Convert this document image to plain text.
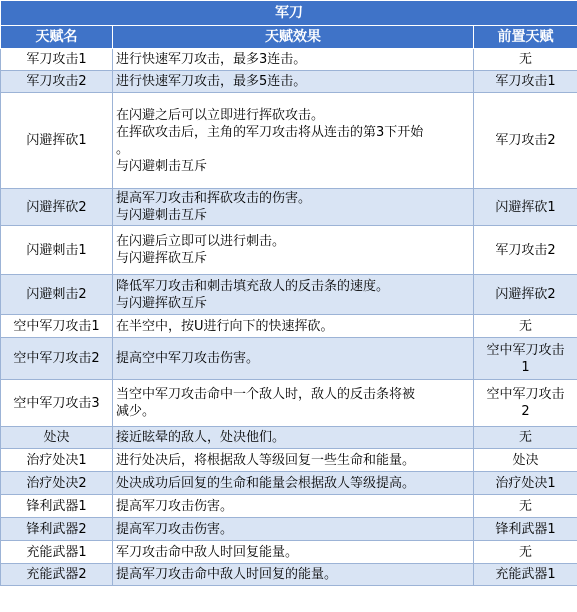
军刀		
天赋名	天赋效果	前置天赋
军刀攻击1	进行快速军刀攻击，最多3连击。	无

军刀攻击2	进行快速军刀攻击，最多5连击。	军刀攻击1

闪避挥砍1	在闪避之后可以立即进行挥砍攻击。
在挥砍攻击后，主角的军刀攻击将从连击的第3下开始
。
与闪避刺击互斥	军刀攻击2

闪避挥砍2	提高军刀攻击和挥砍攻击的伤害。
与闪避刺击互斥	闪避挥砍1

闪避刺击1	在闪避后立即可以进行刺击。
与闪避挥砍互斥	军刀攻击2

闪避刺击2	降低军刀攻击和刺击填充敌人的反击条的速度。
与闪避挥砍互斥	闪避挥砍2

空中军刀攻击1	在半空中，按U进行向下的快速挥砍。	无

空中军刀攻击2	提高空中军刀攻击伤害。	空中军刀攻击
1

空中军刀攻击3	当空中军刀攻击命中一个敌人时，敌人的反击条将被
减少。	空中军刀攻击
2

处决	接近眩晕的敌人，处决他们。	无

治疗处决1	进行处决后，将根据敌人等级回复一些生命和能量。	处决

治疗处决2	处决成功后回复的生命和能量会根据敌人等级提高。	治疗处决1

锋利武器1	提高军刀攻击伤害。	无

锋利武器2	提高军刀攻击伤害。	锋利武器1

充能武器1	军刀攻击命中敌人时回复能量。	无

充能武器2	提高军刀攻击命中敌人时回复的能量。	充能武器1
